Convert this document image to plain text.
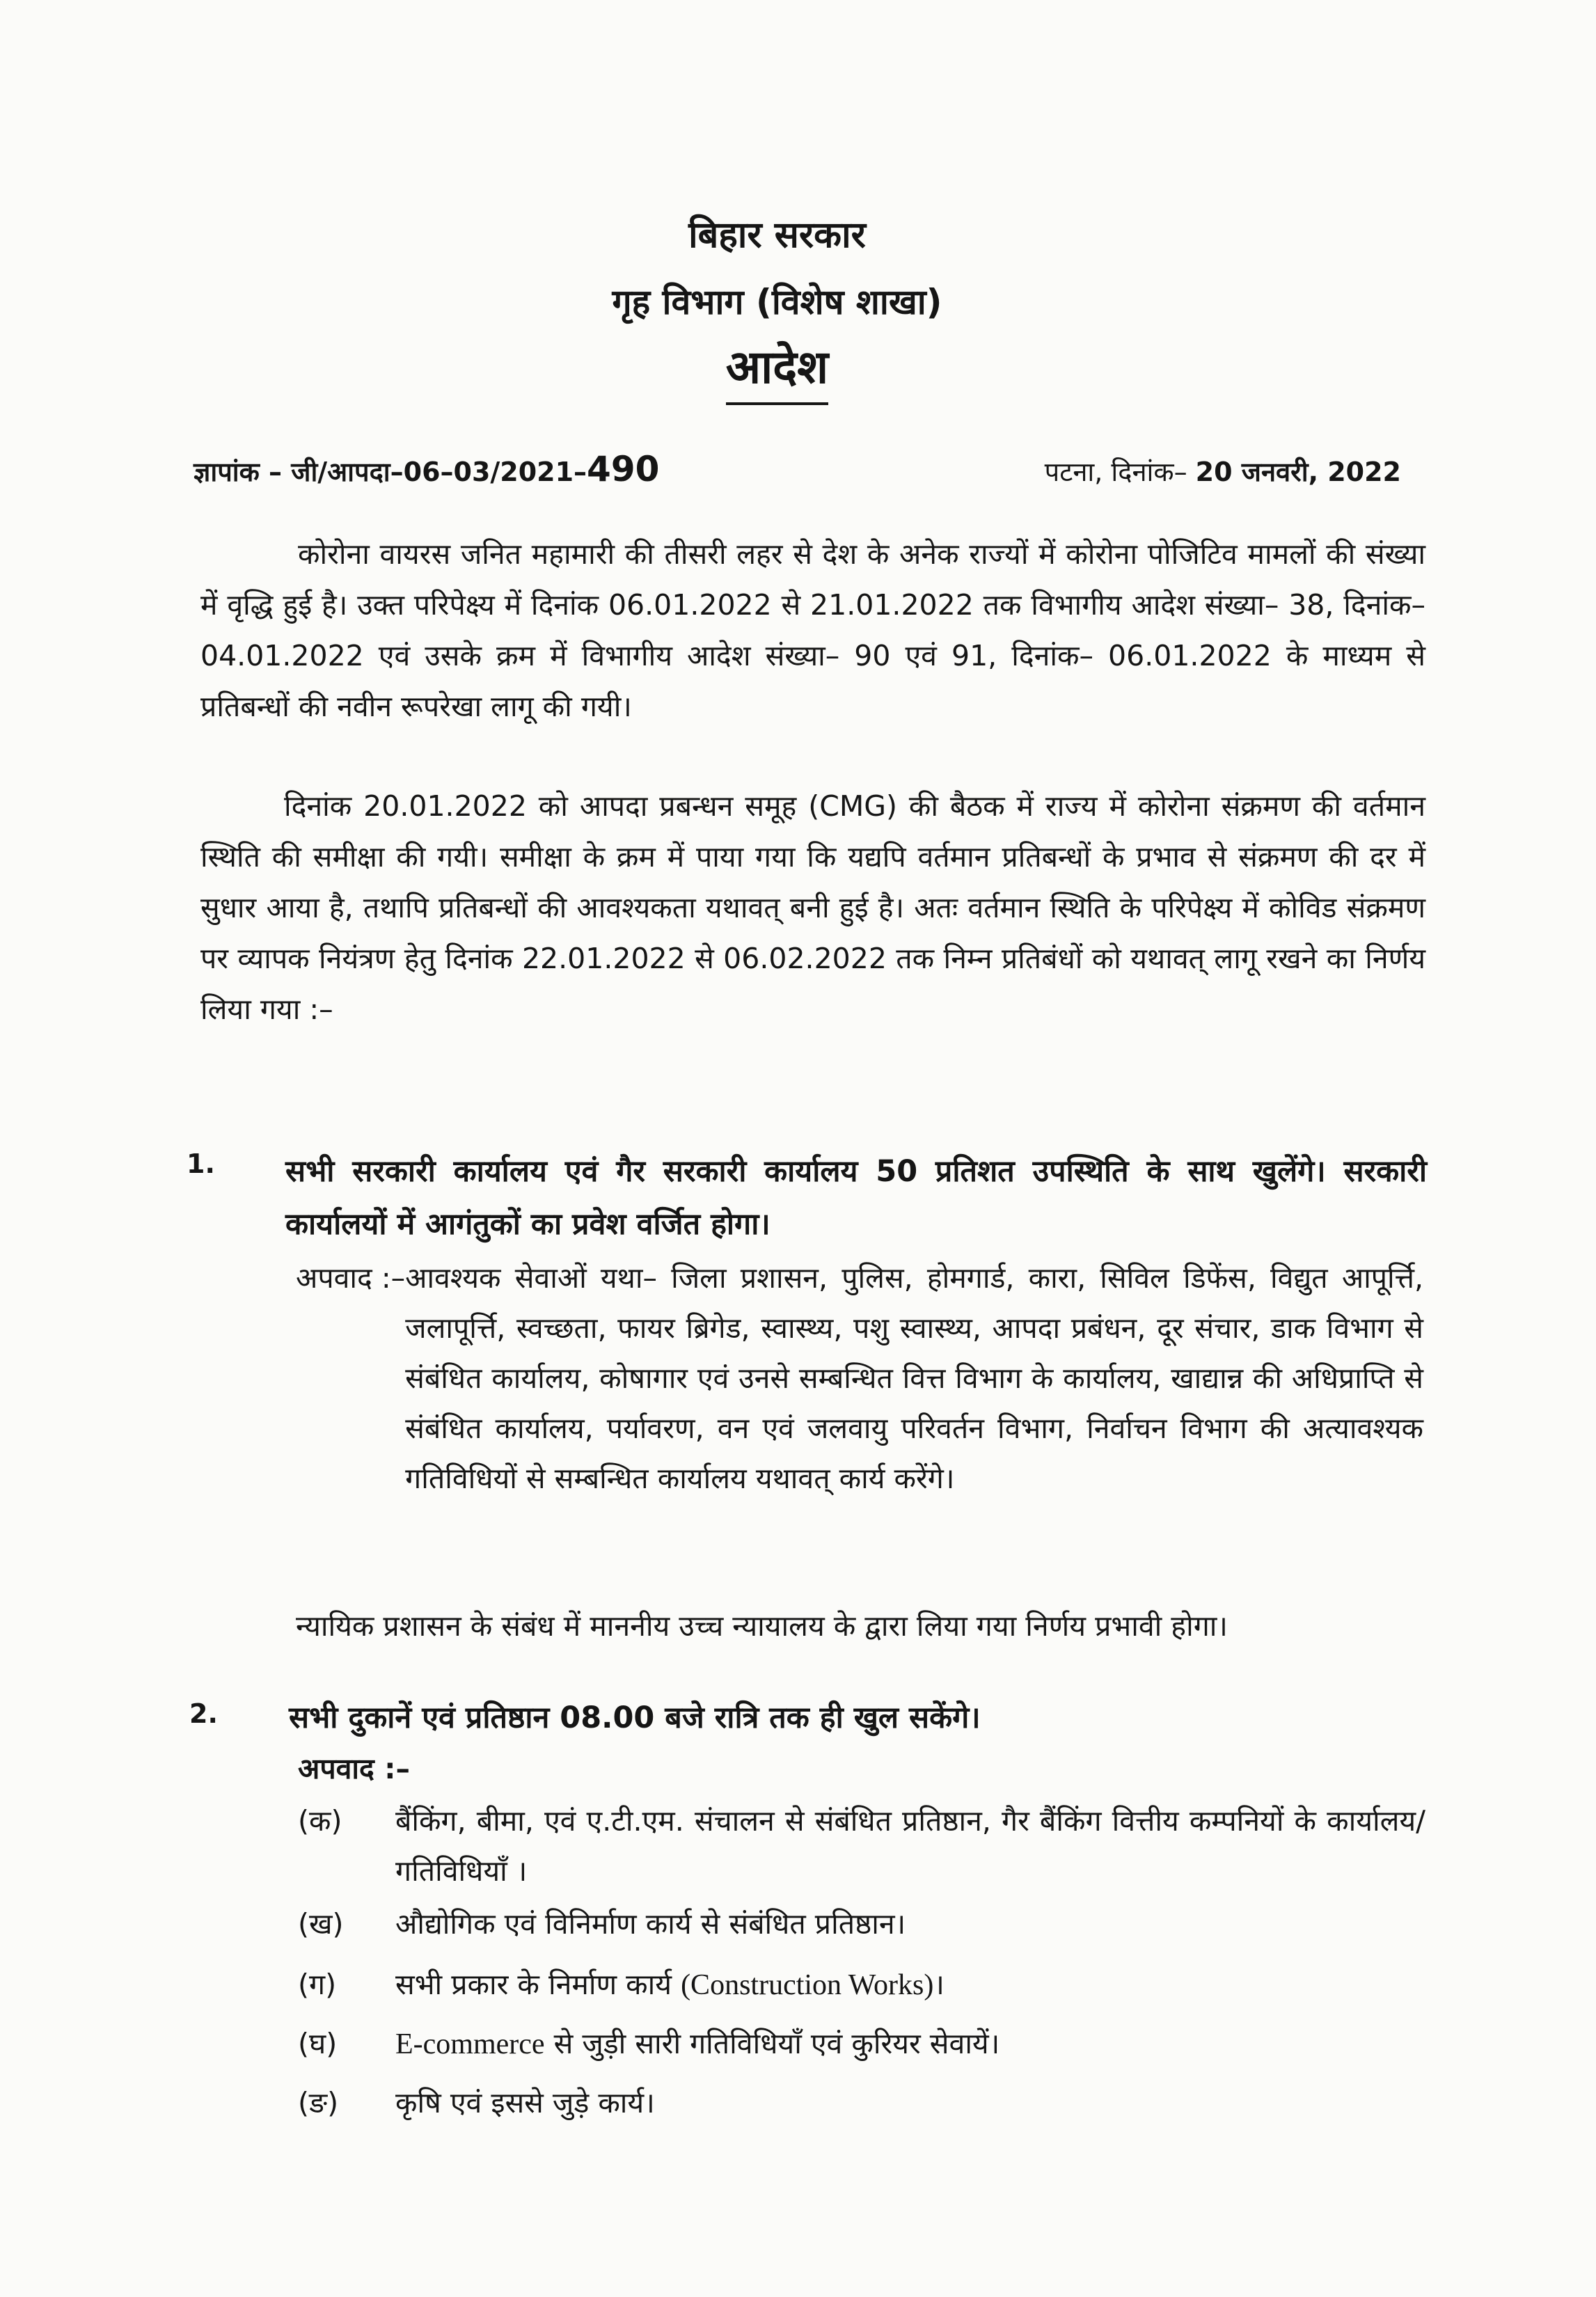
बिहार सरकार
गृह विभाग (विशेष शाखा)
आदेश
ज्ञापांक – जी/आपदा–06–03/2021–490	पटना, दिनांक– 20 जनवरी, 2022

कोरोना वायरस जनित महामारी की तीसरी लहर से देश के अनेक राज्यों में कोरोना पोजिटिव मामलों की संख्या में वृद्धि हुई है। उक्त परिपेक्ष्य में दिनांक 06.01.2022 से 21.01.2022 तक विभागीय आदेश संख्या– 38, दिनांक– 04.01.2022 एवं उसके क्रम में विभागीय आदेश संख्या– 90 एवं 91, दिनांक– 06.01.2022 के माध्यम से प्रतिबन्धों की नवीन रूपरेखा लागू की गयी।

दिनांक 20.01.2022 को आपदा प्रबन्धन समूह (CMG) की बैठक में राज्य में कोरोना संक्रमण की वर्तमान स्थिति की समीक्षा की गयी। समीक्षा के क्रम में पाया गया कि यद्यपि वर्तमान प्रतिबन्धों के प्रभाव से संक्रमण की दर में सुधार आया है, तथापि प्रतिबन्धों की आवश्यकता यथावत् बनी हुई है। अतः वर्तमान स्थिति के परिपेक्ष्य में कोविड संक्रमण पर व्यापक नियंत्रण हेतु दिनांक 22.01.2022 से 06.02.2022 तक निम्न प्रतिबंधों को यथावत् लागू रखने का निर्णय लिया गया :–

1. सभी सरकारी कार्यालय एवं गैर सरकारी कार्यालय 50 प्रतिशत उपस्थिति के साथ खुलेंगे। सरकारी कार्यालयों में आगंतुकों का प्रवेश वर्जित होगा।

अपवाद :– आवश्यक सेवाओं यथा– जिला प्रशासन, पुलिस, होमगार्ड, कारा, सिविल डिफेंस, विद्युत आपूर्त्ति, जलापूर्त्ति, स्वच्छता, फायर ब्रिगेड, स्वास्थ्य, पशु स्वास्थ्य, आपदा प्रबंधन, दूर संचार, डाक विभाग से संबंधित कार्यालय, कोषागार एवं उनसे सम्बन्धित वित्त विभाग के कार्यालय, खाद्यान्न की अधिप्राप्ति से संबंधित कार्यालय, पर्यावरण, वन एवं जलवायु परिवर्तन विभाग, निर्वाचन विभाग की अत्यावश्यक गतिविधियों से सम्बन्धित कार्यालय यथावत् कार्य करेंगे।

न्यायिक प्रशासन के संबंध में माननीय उच्च न्यायालय के द्वारा लिया गया निर्णय प्रभावी होगा।

2. सभी दुकानें एवं प्रतिष्ठान 08.00 बजे रात्रि तक ही खुल सकेंगे।

अपवाद :–
(क) बैंकिंग, बीमा, एवं ए.टी.एम. संचालन से संबंधित प्रतिष्ठान, गैर बैंकिंग वित्तीय कम्पनियों के कार्यालय/गतिविधियाँ ।

(ख) औद्योगिक एवं विनिर्माण कार्य से संबंधित प्रतिष्ठान।

(ग) सभी प्रकार के निर्माण कार्य (Construction Works)।

(घ) E-commerce से जुड़ी सारी गतिविधियाँ एवं कुरियर सेवायें।

(ङ) कृषि एवं इससे जुड़े कार्य।
